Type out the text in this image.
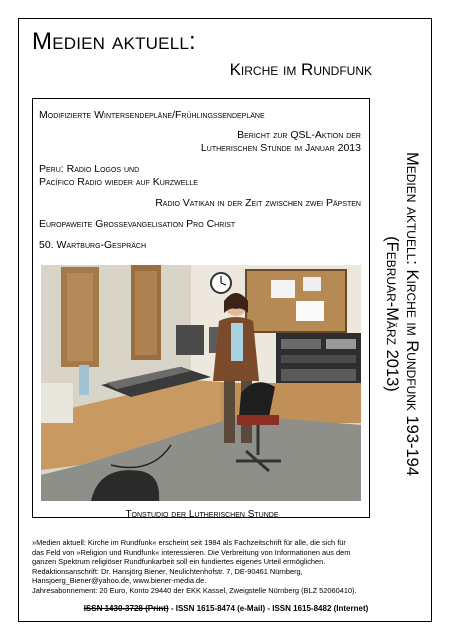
Medien aktuell:
Kirche im Rundfunk
Modifizierte Wintersendepläne/Frühlingssendepläne
Bericht zur QSL-Aktion der
Lutherischen Stunde im Januar 2013
Peru: Radio Logos und
Pacífico Radio wieder auf Kurzwelle
Radio Vatikan in der Zeit zwischen zwei Päpsten
Europaweite Grossevangelisation Pro Christ
50. Wartburg-Gespräch
Tonstudio der Lutherischen Stunde
Medien aktuell: Kirche im Rundfunk 193-194
(Februar-März 2013)
»Medien aktuell: Kirche im Rundfunk« erscheint seit 1984 als Fachzeitschrift für alle, die sich für
das Feld von »Religion und Rundfunk« interessieren. Die Verbreitung von Informationen aus dem
ganzen Spektrum religiöser Rundfunkarbeit soll ein fundiertes eigenes Urteil ermöglichen.
Redaktionsanschrift: Dr. Hansjörg Biener, Neulichtenhofstr. 7, DE-90461 Nürnberg,
Hansjoerg_Biener@yahoo.de, www.biener-media.de.
Jahresabonnement: 20 Euro, Konto 29440 der EKK Kassel, Zweigstelle Nürnberg (BLZ 52060410).
ISSN 1430-3728 (Print) - ISSN 1615-8474 (e-Mail) - ISSN 1615-8482 (Internet)
